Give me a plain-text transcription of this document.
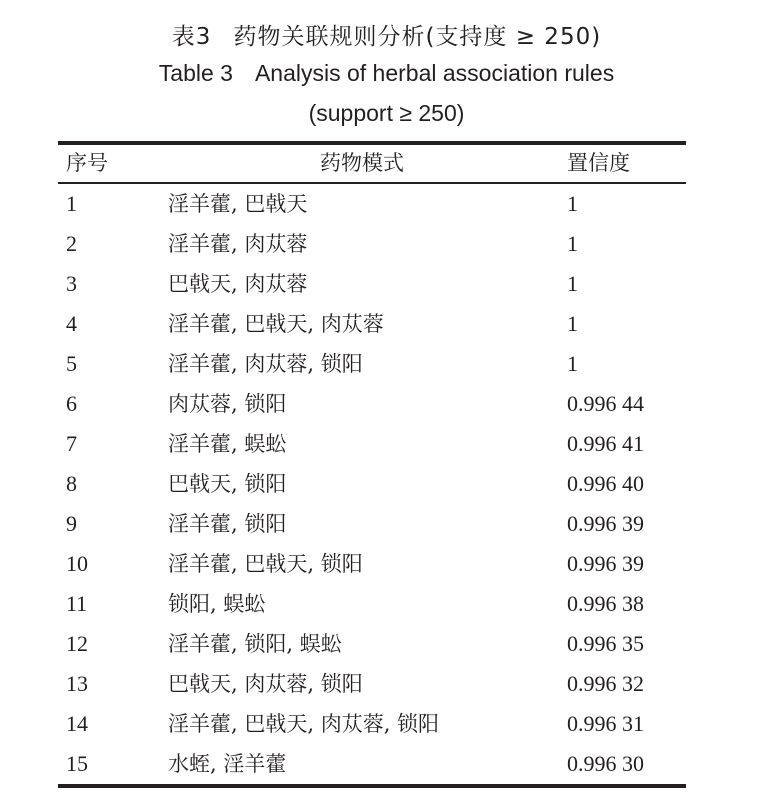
表3 药物关联规则分析(支持度 ≥ 250)
Table 3 Analysis of herbal association rules
(support ≥ 250)
序号	药物模式	置信度
1	淫羊藿, 巴戟天	1
2	淫羊藿, 肉苁蓉	1
3	巴戟天, 肉苁蓉	1
4	淫羊藿, 巴戟天, 肉苁蓉	1
5	淫羊藿, 肉苁蓉, 锁阳	1
6	肉苁蓉, 锁阳	0.996 44
7	淫羊藿, 蜈蚣	0.996 41
8	巴戟天, 锁阳	0.996 40
9	淫羊藿, 锁阳	0.996 39
10	淫羊藿, 巴戟天, 锁阳	0.996 39
11	锁阳, 蜈蚣	0.996 38
12	淫羊藿, 锁阳, 蜈蚣	0.996 35
13	巴戟天, 肉苁蓉, 锁阳	0.996 32
14	淫羊藿, 巴戟天, 肉苁蓉, 锁阳	0.996 31
15	水蛭, 淫羊藿	0.996 30
